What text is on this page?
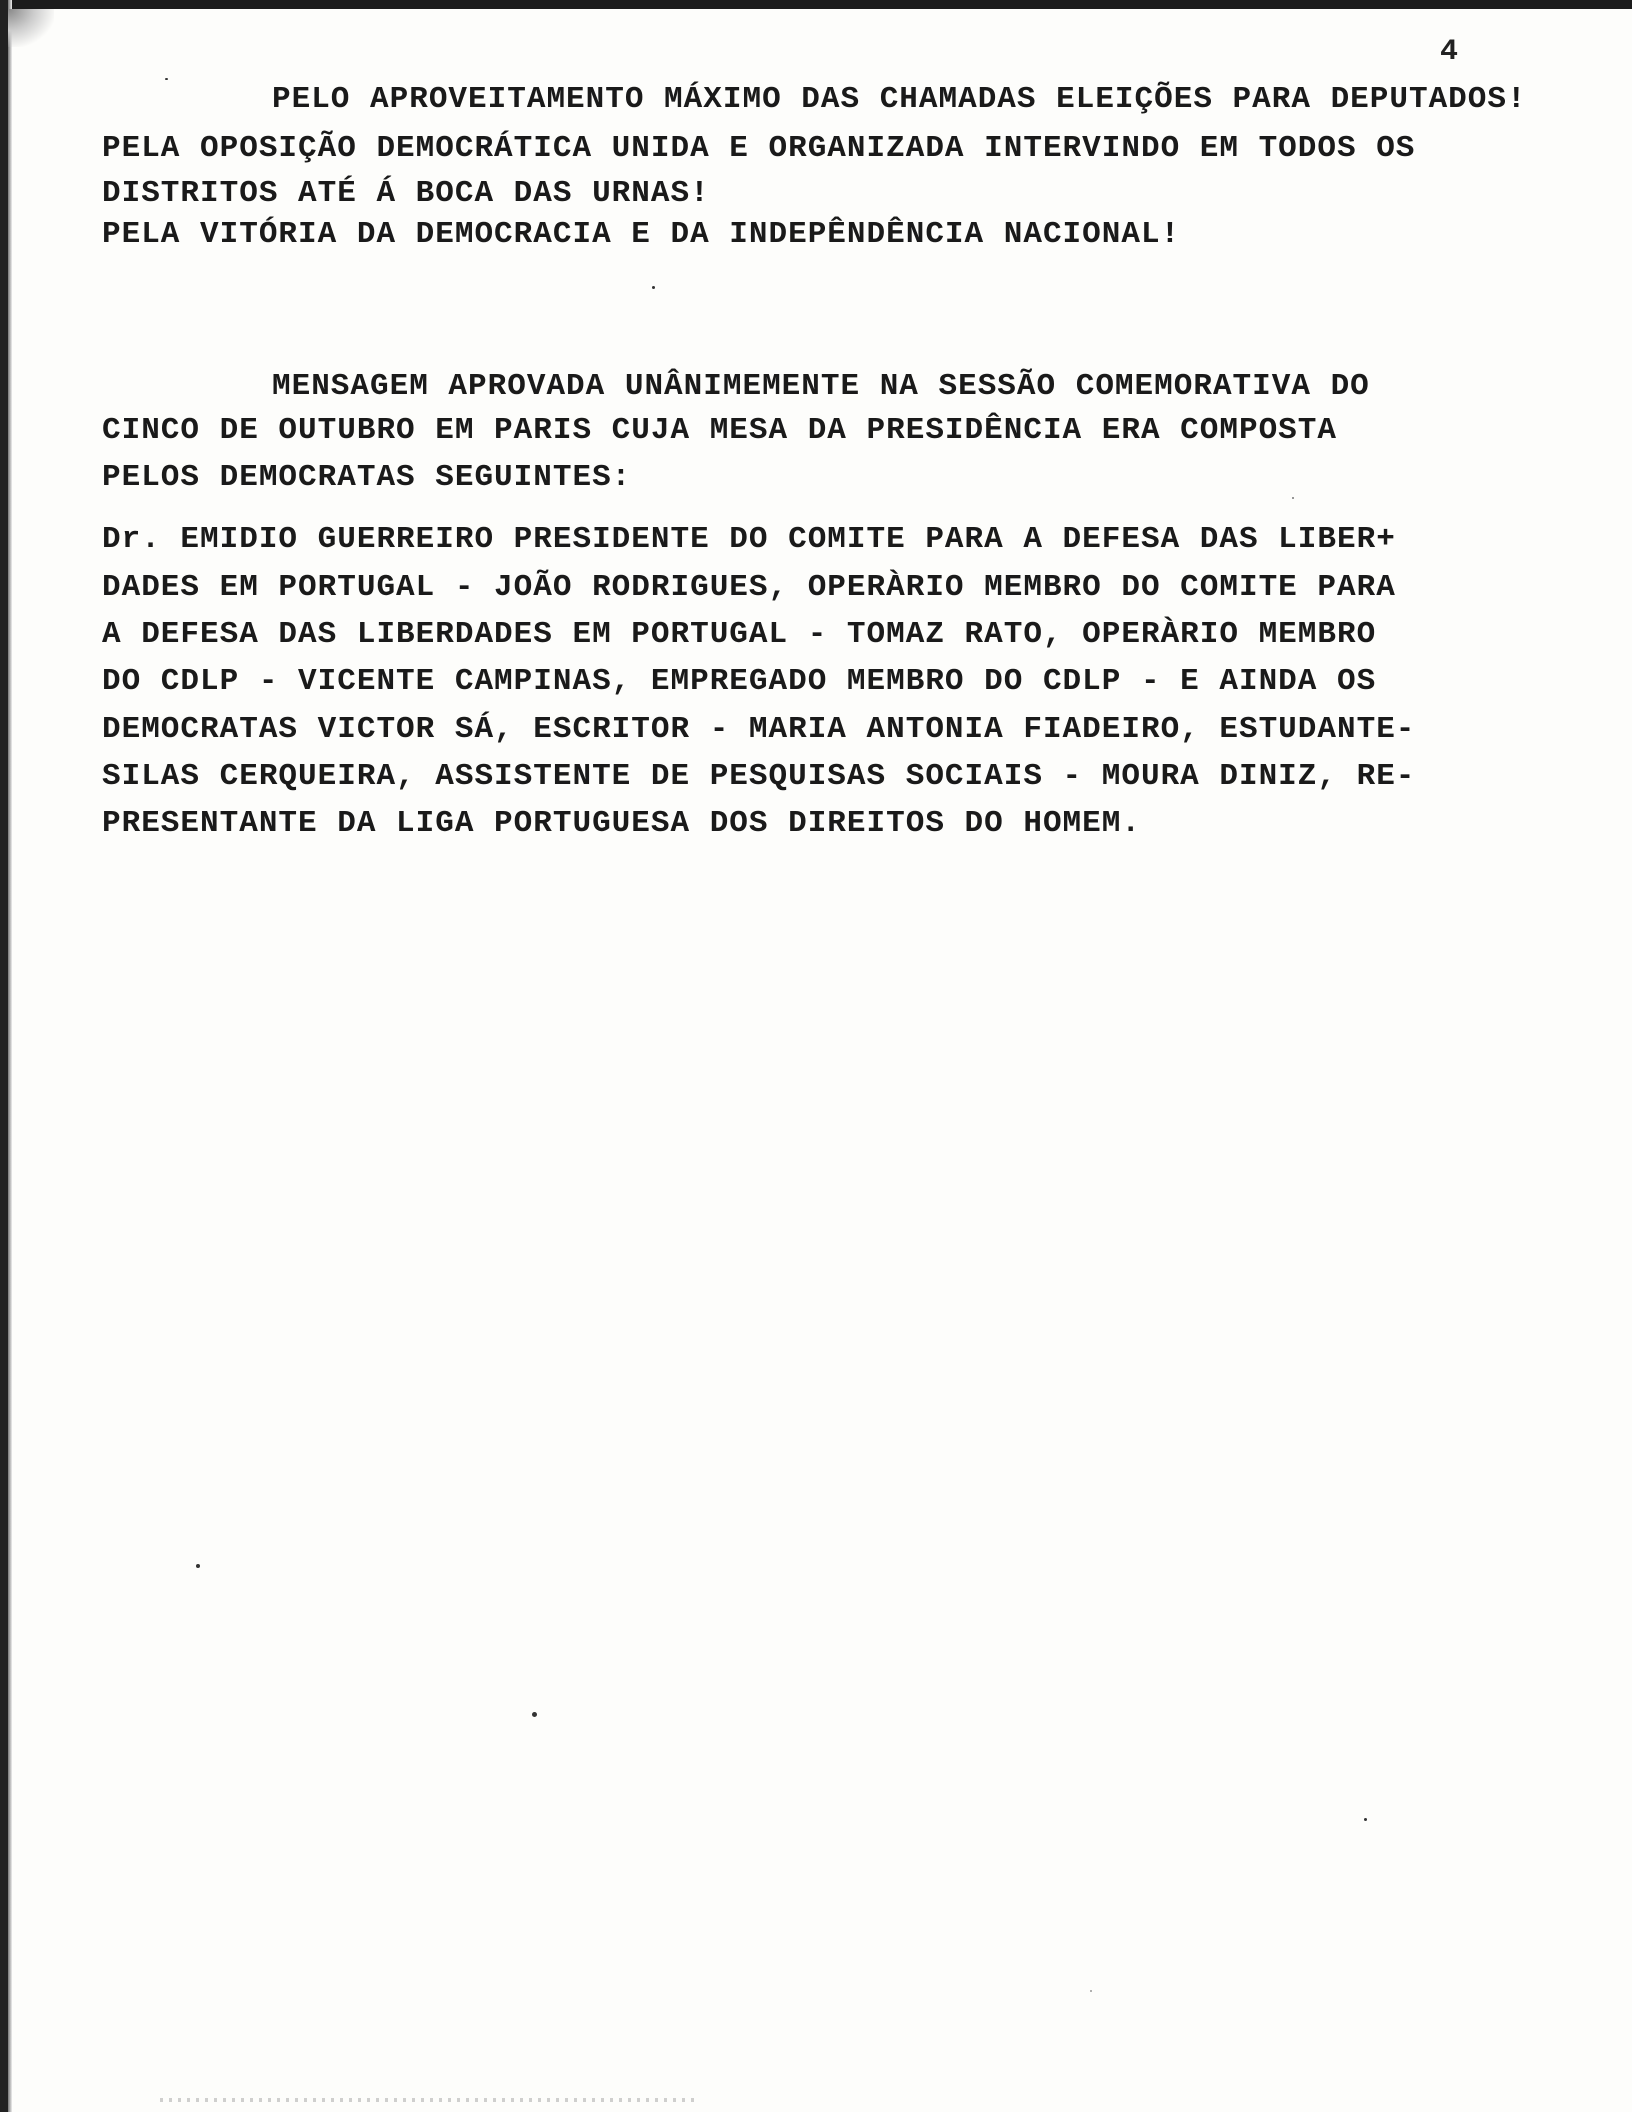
4
PELO APROVEITAMENTO MÁXIMO DAS CHAMADAS ELEIÇÕES PARA DEPUTADOS!
PELA OPOSIÇÃO DEMOCRÁTICA UNIDA E ORGANIZADA INTERVINDO EM TODOS OS
DISTRITOS ATÉ Á BOCA DAS URNAS!
PELA VITÓRIA DA DEMOCRACIA E DA INDEPÊNDÊNCIA NACIONAL!
MENSAGEM APROVADA UNÂNIMEMENTE NA SESSÃO COMEMORATIVA DO
CINCO DE OUTUBRO EM PARIS CUJA MESA DA PRESIDÊNCIA ERA COMPOSTA
PELOS DEMOCRATAS SEGUINTES:
Dr. EMIDIO GUERREIRO PRESIDENTE DO COMITE PARA A DEFESA DAS LIBER+
DADES EM PORTUGAL - JOÃO RODRIGUES, OPERÀRIO MEMBRO DO COMITE PARA
A DEFESA DAS LIBERDADES EM PORTUGAL - TOMAZ RATO, OPERÀRIO MEMBRO
DO CDLP - VICENTE CAMPINAS, EMPREGADO MEMBRO DO CDLP - E AINDA OS
DEMOCRATAS VICTOR SÁ, ESCRITOR - MARIA ANTONIA FIADEIRO, ESTUDANTE-
SILAS CERQUEIRA, ASSISTENTE DE PESQUISAS SOCIAIS - MOURA DINIZ, RE-
PRESENTANTE DA LIGA PORTUGUESA DOS DIREITOS DO HOMEM.
